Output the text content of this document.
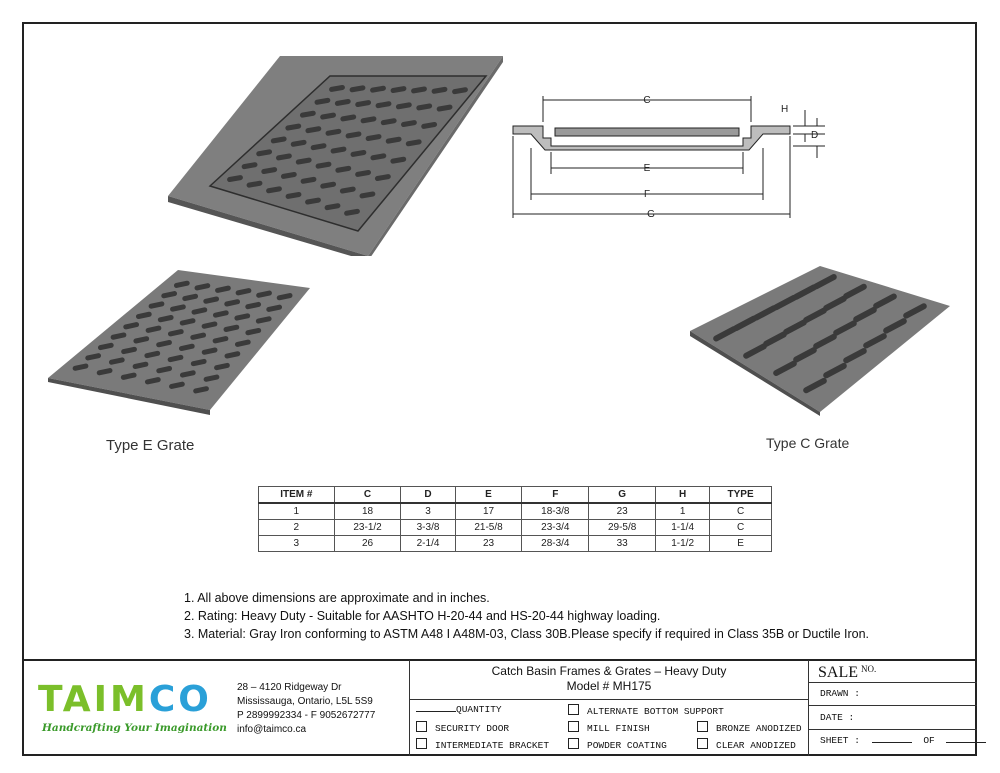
C
E
F
G
H
D
Type E Grate	Type C Grate
ITEM #	C	D	E	F	G	H	TYPE
1	18	3	17	18-3/8	23	1	C
2	23-1/2	3-3/8	21-5/8	23-3/4	29-5/8	1-1/4	C
3	26	2-1/4	23	28-3/4	33	1-1/2	E
1. All above dimensions are approximate and in inches.
2. Rating: Heavy Duty - Suitable for AASHTO H-20-44 and HS-20-44 highway loading.
3. Material: Gray Iron conforming to ASTM A48 I A48M-03, Class 30B.Please specify if required in Class 35B or Ductile Iron.
TAIMCO
Handcrafting Your Imagination
28 – 4120 Ridgeway Dr
Mississauga, Ontario, L5L 5S9
P 2899992334 - F 9052672777
info@taimco.ca
Catch Basin Frames & Grates – Heavy Duty
Model # MH175
QUANTITY
SECURITY DOOR
INTERMEDIATE BRACKET
ALTERNATE BOTTOM SUPPORT
MILL FINISH
POWDER COATING
BRONZE ANODIZED
CLEAR ANODIZED
SALE $^{NO.}$
DRAWN :
DATE :
SHEET :	OF
